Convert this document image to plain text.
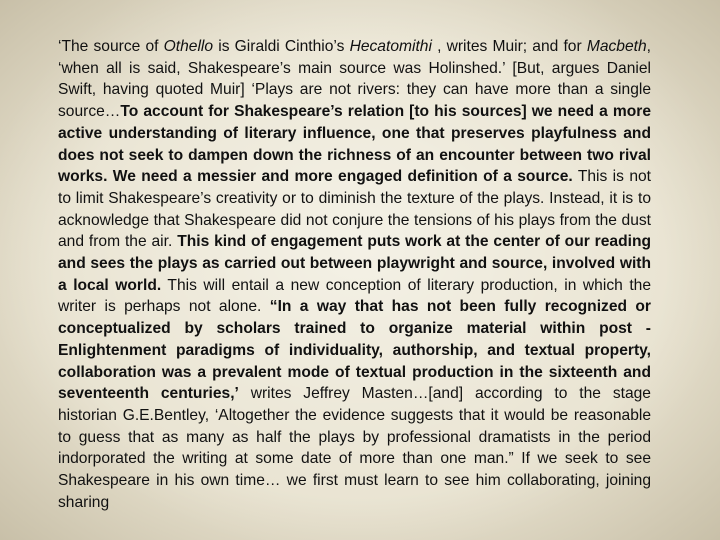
‘The source of Othello is Giraldi Cinthio’s Hecatomithi , writes Muir; and for Macbeth, ‘when all is said, Shakespeare’s main source was Holinshed.’ [But, argues Daniel Swift, having quoted Muir] ‘Plays are not rivers: they can have more than a single source…To account for Shakespeare’s relation [to his sources] we need a more active understanding of literary influence, one that preserves playfulness and does not seek to dampen down the richness of an encounter between two rival works. We need a messier and more engaged definition of a source. This is not to limit Shakespeare’s creativity or to diminish the texture of the plays. Instead, it is to acknowledge that Shakespeare did not conjure the tensions of his plays from the dust and from the air. This kind of engagement puts work at the center of our reading and sees the plays as carried out between playwright and source, involved with a local world. This will entail a new conception of literary production, in which the writer is perhaps not alone. “In a way that has not been fully recognized or conceptualized by scholars trained to organize material within post -Enlightenment paradigms of individuality, authorship, and textual property, collaboration was a prevalent mode of textual production in the sixteenth and seventeenth centuries,’ writes Jeffrey Masten…[and] according to the stage historian G.E.Bentley, ‘Altogether the evidence suggests that it would be reasonable to guess that as many as half the plays by professional dramatists in the period indorporated the writing at some date of more than one man.” If we seek to see Shakespeare in his own time… we first must learn to see him collaborating, joining sharing
